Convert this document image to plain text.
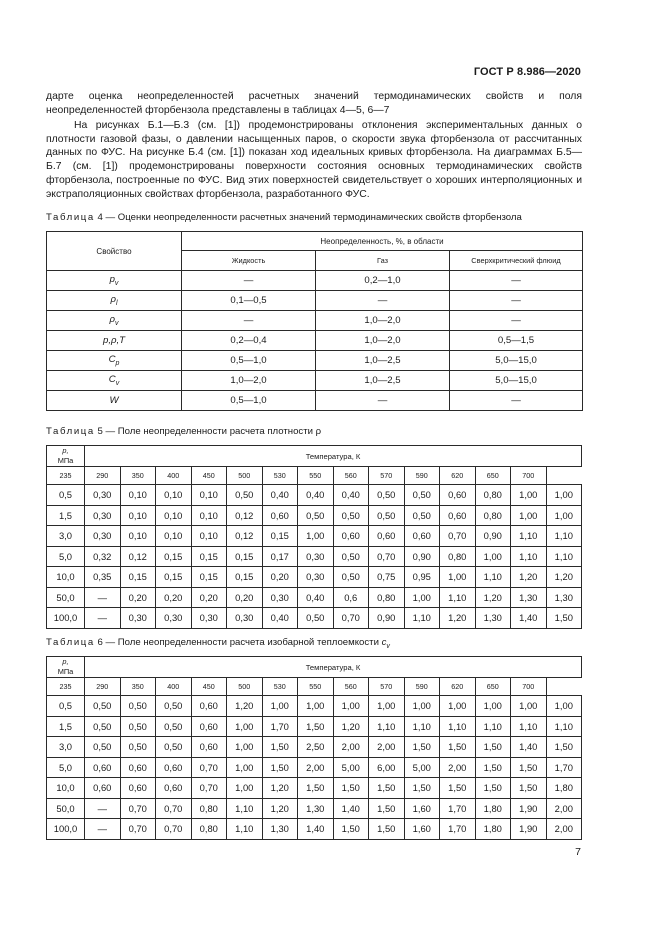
ГОСТ Р 8.986—2020

дарте оценка неопределенностей расчетных значений термодинамических свойств и поля неопределенностей фторбензола представлены в таблицах 4—5, 6—7

На рисунках Б.1—Б.3 (см. [1]) продемонстрированы отклонения экспериментальных данных о плотности газовой фазы, о давлении насыщенных паров, о скорости звука фторбензола от рассчитанных данных по ФУС. На рисунке Б.4 (см. [1]) показан ход идеальных кривых фторбензола. На диаграммах Б.5—Б.7 (см. [1]) продемонстрированы поверхности состояния основных термодинамических свойств фторбензола, построенные по ФУС. Вид этих поверхностей свидетельствует о хороших интерполяционных и экстраполяционных свойствах фторбензола, разработанного ФУС.

Таблица 4 — Оценки неопределенности расчетных значений термодинамических свойств фторбензола
Свойство	Неопределенность, %, в области		
	Жидкость	Газ	Сверхкритический флюид
$p_v$	—	0,2—1,0	—
$\rho_l$	0,1—0,5	—	—
$\rho_v$	—	1,0—2,0	—
p,ρ,T	0,2—0,4	1,0—2,0	0,5—1,5
$C_p$	0,5—1,0	1,0—2,5	5,0—15,0
$C_v$	1,0—2,0	1,0—2,5	5,0—15,0
W	0,5—1,0	—	—
Таблица 5 — Поле неопределенности расчета плотности ρ
p,
МПа	Температура, К													
235	290	350	400	450	500	530	550	560	570	590	620	650	700	
0,5	0,30	0,10	0,10	0,10	0,50	0,40	0,40	0,40	0,50	0,50	0,60	0,80	1,00	1,00
1,5	0,30	0,10	0,10	0,10	0,12	0,60	0,50	0,50	0,50	0,50	0,60	0,80	1,00	1,00
3,0	0,30	0,10	0,10	0,10	0,12	0,15	1,00	0,60	0,60	0,60	0,70	0,90	1,10	1,10
5,0	0,32	0,12	0,15	0,15	0,15	0,17	0,30	0,50	0,70	0,90	0,80	1,00	1,10	1,10
10,0	0,35	0,15	0,15	0,15	0,15	0,20	0,30	0,50	0,75	0,95	1,00	1,10	1,20	1,20
50,0	—	0,20	0,20	0,20	0,20	0,30	0,40	0,6	0,80	1,00	1,10	1,20	1,30	1,30
100,0	—	0,30	0,30	0,30	0,30	0,40	0,50	0,70	0,90	1,10	1,20	1,30	1,40	1,50
Таблица 6 — Поле неопределенности расчета изобарной теплоемкости $c_v$
p,
МПа	Температура, К													
235	290	350	400	450	500	530	550	560	570	590	620	650	700	
0,5	0,50	0,50	0,50	0,60	1,20	1,00	1,00	1,00	1,00	1,00	1,00	1,00	1,00	1,00
1,5	0,50	0,50	0,50	0,60	1,00	1,70	1,50	1,20	1,10	1,10	1,10	1,10	1,10	1,10
3,0	0,50	0,50	0,50	0,60	1,00	1,50	2,50	2,00	2,00	1,50	1,50	1,50	1,40	1,50
5,0	0,60	0,60	0,60	0,70	1,00	1,50	2,00	5,00	6,00	5,00	2,00	1,50	1,50	1,70
10,0	0,60	0,60	0,60	0,70	1,00	1,20	1,50	1,50	1,50	1,50	1,50	1,50	1,50	1,80
50,0	—	0,70	0,70	0,80	1,10	1,20	1,30	1,40	1,50	1,60	1,70	1,80	1,90	2,00
100,0	—	0,70	0,70	0,80	1,10	1,30	1,40	1,50	1,50	1,60	1,70	1,80	1,90	2,00
7
